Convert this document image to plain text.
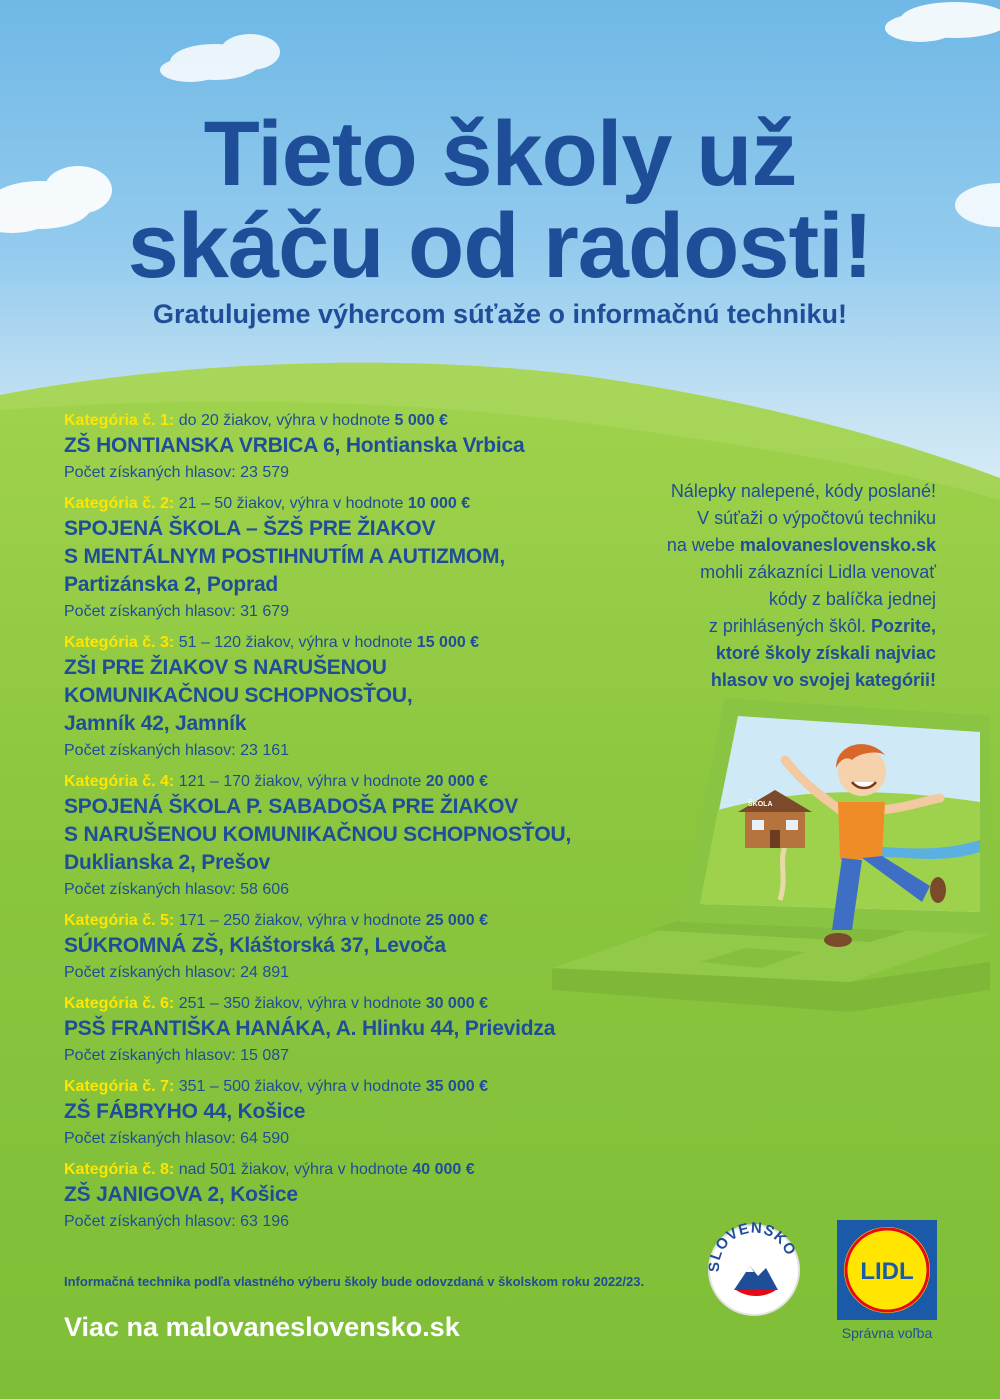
Tieto školy už
skáču od radosti!
Gratulujeme výhercom súťaže o informačnú techniku!
Kategória č. 1: do 20 žiakov, výhra v hodnote 5 000 €
ZŠ HONTIANSKA VRBICA 6, Hontianska Vrbica
Počet získaných hlasov: 23 579
Kategória č. 2: 21 – 50 žiakov, výhra v hodnote 10 000 €
SPOJENÁ ŠKOLA – ŠZŠ PRE ŽIAKOV
S MENTÁLNYM POSTIHNUTÍM A AUTIZMOM,
Partizánska 2, Poprad
Počet získaných hlasov: 31 679
Kategória č. 3: 51 – 120 žiakov, výhra v hodnote 15 000 €
ZŠI PRE ŽIAKOV S NARUŠENOU
KOMUNIKAČNOU SCHOPNOSŤOU,
Jamník 42, Jamník
Počet získaných hlasov: 23 161
Kategória č. 4: 121 – 170 žiakov, výhra v hodnote 20 000 €
SPOJENÁ ŠKOLA P. SABADOŠA PRE ŽIAKOV
S NARUŠENOU KOMUNIKAČNOU SCHOPNOSŤOU,
Duklianska 2, Prešov
Počet získaných hlasov: 58 606
Kategória č. 5: 171 – 250 žiakov, výhra v hodnote 25 000 €
SÚKROMNÁ ZŠ, Kláštorská 37, Levoča
Počet získaných hlasov: 24 891
Kategória č. 6: 251 – 350 žiakov, výhra v hodnote 30 000 €
PSŠ FRANTIŠKA HANÁKA, A. Hlinku 44, Prievidza
Počet získaných hlasov: 15 087
Kategória č. 7: 351 – 500 žiakov, výhra v hodnote 35 000 €
ZŠ FÁBRYHO 44, Košice
Počet získaných hlasov: 64 590
Kategória č. 8: nad 501 žiakov, výhra v hodnote 40 000 €
ZŠ JANIGOVA 2, Košice
Počet získaných hlasov: 63 196
Nálepky nalepené, kódy poslané!
V súťaži o výpočtovú techniku
na webe malovaneslovensko.sk
mohli zákazníci Lidla venovať
kódy z balíčka jednej
z prihlásených škôl. Pozrite,
ktoré školy získali najviac
hlasov vo svojej kategórii!
ŠKOLA
SLOVENSKO
LIDL
Správna voľba
Informačná technika podľa vlastného výberu školy bude odovzdaná v školskom roku 2022/23.
Viac na malovaneslovensko.sk
